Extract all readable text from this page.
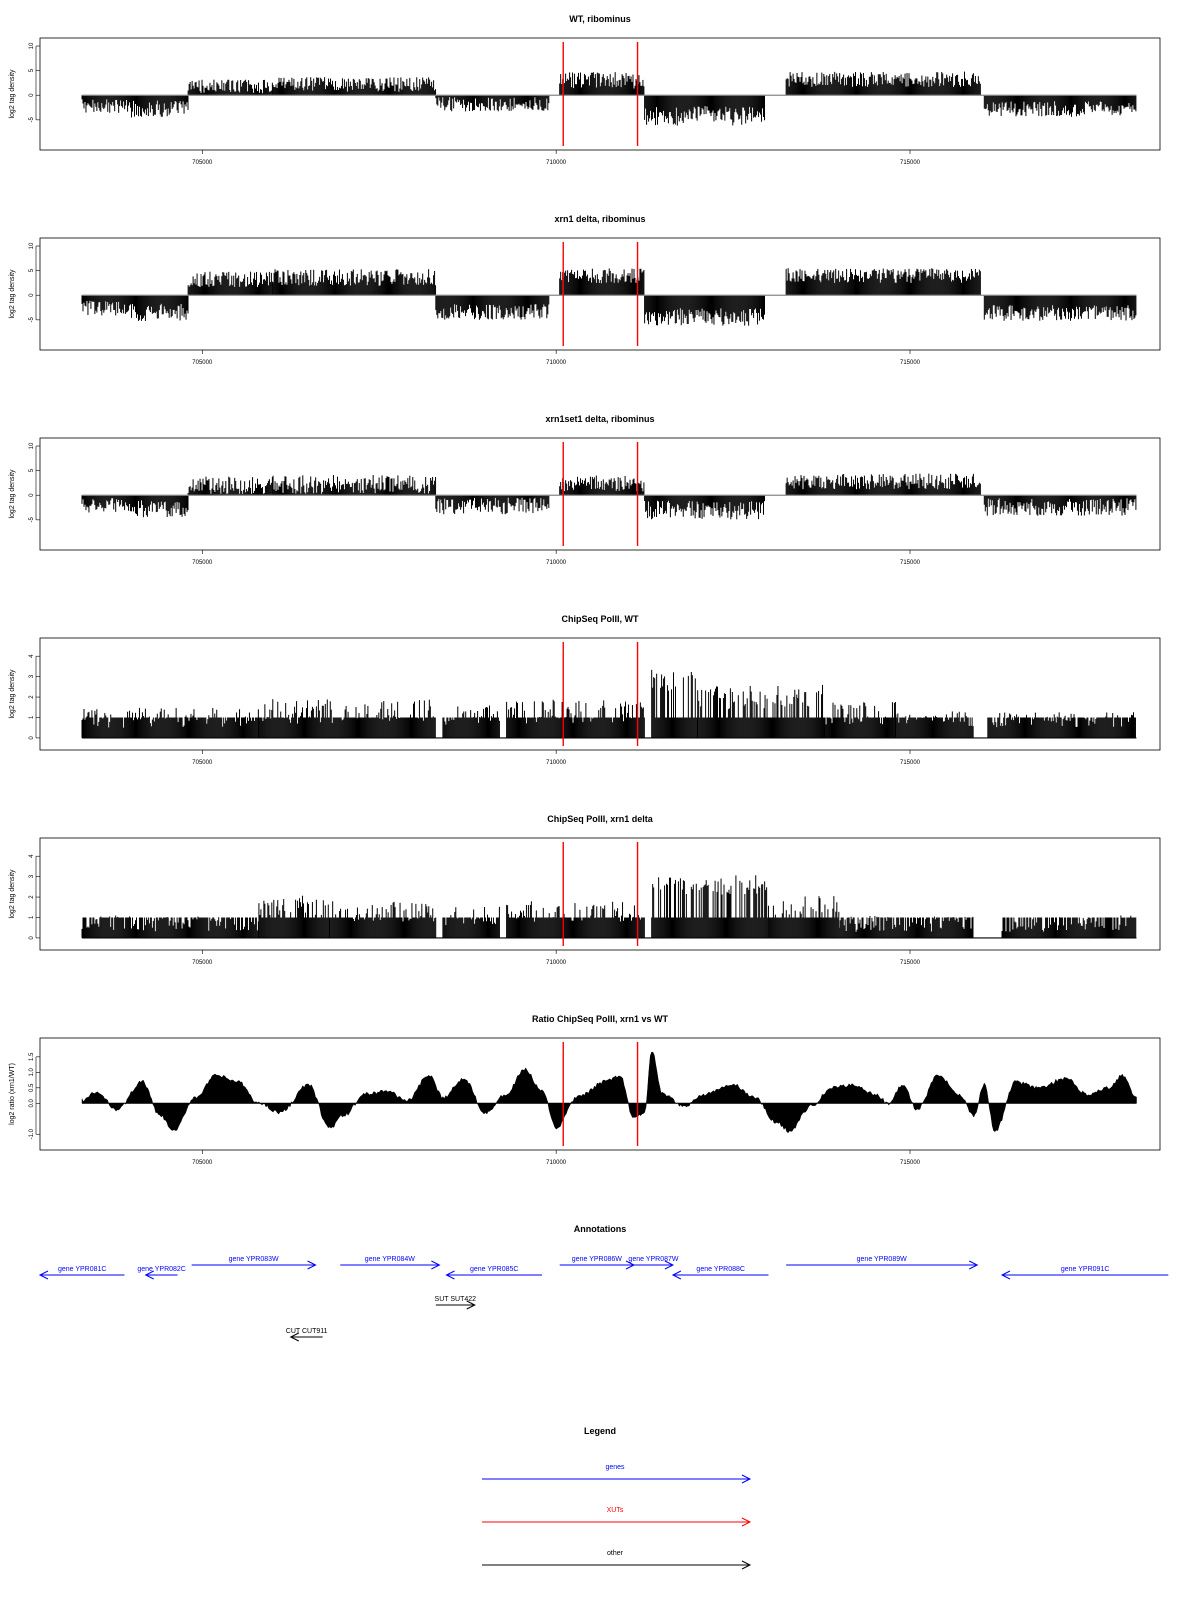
WT, ribominus
10
5
0
-5
log2 tag density
705000	710000	715000
xrn1 delta, ribominus
10
5
0
-5
log2 tag density
705000	710000	715000
xrn1set1 delta, ribominus
10
5
0
-5
log2 tag density
705000	710000	715000
ChipSeq PolII, WT
4
3
2
1
0
log2 tag density
705000	710000	715000
ChipSeq PolII, xrn1 delta
4
3
2
1
0
log2 tag density
705000	710000	715000
Ratio ChipSeq PolII, xrn1 vs WT
1.5
1.0
0.5
0.0
-1.0
log2 ratio (xrn1/WT)
705000	710000	715000
Annotations
gene YPR081C	gene YPR082C
gene YPR083W	gene YPR084W
gene YPR085C
gene YPR086W gene YPR087W
gene YPR088C
gene YPR089W
gene YPR091C
SUT SUT422
CUT CUT911
Legend
genes
XUTs
other
